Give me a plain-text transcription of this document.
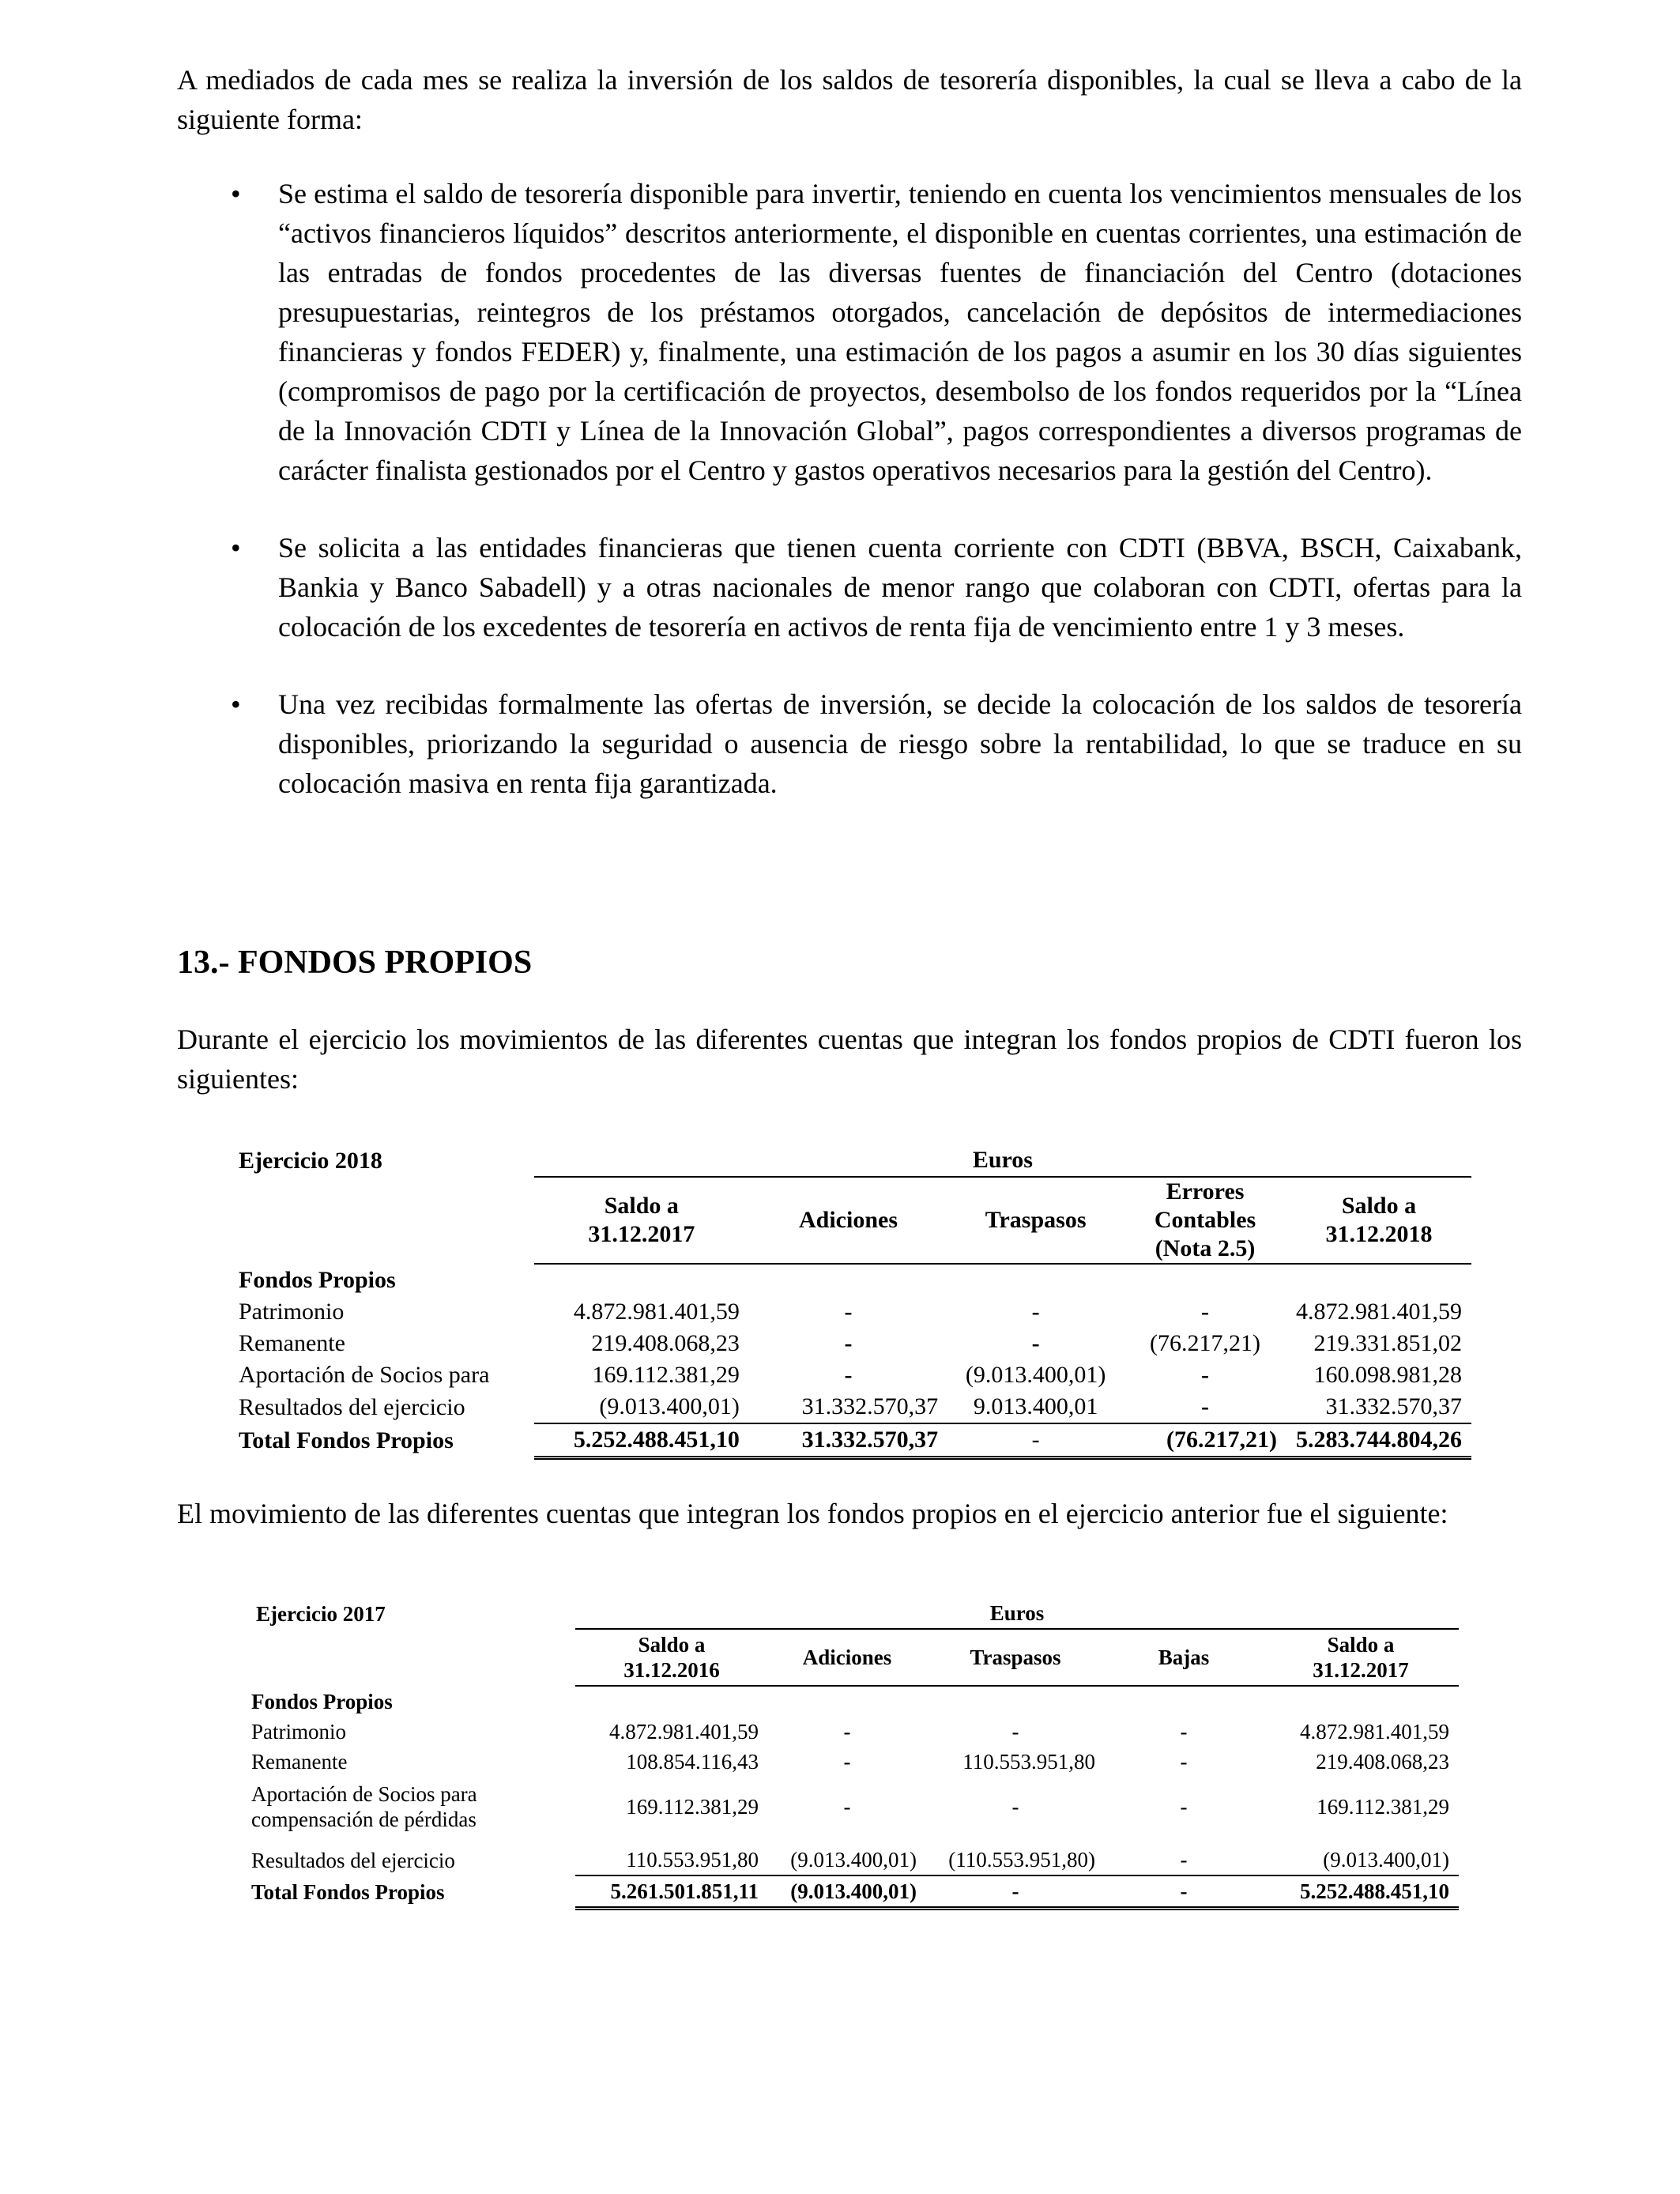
A mediados de cada mes se realiza la inversión de los saldos de tesorería disponibles, la cual se lleva a cabo de la siguiente forma:

• Se estima el saldo de tesorería disponible para invertir, teniendo en cuenta los vencimientos mensuales de los “activos financieros líquidos” descritos anteriormente, el disponible en cuentas corrientes, una estimación de las entradas de fondos procedentes de las diversas fuentes de financiación del Centro (dotaciones presupuestarias, reintegros de los préstamos otorgados, cancelación de depósitos de intermediaciones financieras y fondos FEDER) y, finalmente, una estimación de los pagos a asumir en los 30 días siguientes (compromisos de pago por la certificación de proyectos, desembolso de los fondos requeridos por la “Línea de la Innovación CDTI y Línea de la Innovación Global”, pagos correspondientes a diversos programas de carácter finalista gestionados por el Centro y gastos operativos necesarios para la gestión del Centro).
• Se solicita a las entidades financieras que tienen cuenta corriente con CDTI (BBVA, BSCH, Caixabank, Bankia y Banco Sabadell) y a otras nacionales de menor rango que colaboran con CDTI, ofertas para la colocación de los excedentes de tesorería en activos de renta fija de vencimiento entre 1 y 3 meses.
• Una vez recibidas formalmente las ofertas de inversión, se decide la colocación de los saldos de tesorería disponibles, priorizando la seguridad o ausencia de riesgo sobre la rentabilidad, lo que se traduce en su colocación masiva en renta fija garantizada.
13.- FONDOS PROPIOS

Durante el ejercicio los movimientos de las diferentes cuentas que integran los fondos propios de CDTI fueron los siguientes:

Ejercicio 2018	Euros				
	Saldo a
31.12.2017	Adiciones	Traspasos	Errores
Contables
(Nota 2.5)	Saldo a
31.12.2018
Fondos Propios					
Patrimonio	4.872.981.401,59	-	-	-	4.872.981.401,59
Remanente	219.408.068,23	-	-	(76.217,21)	219.331.851,02
Aportación de Socios para	169.112.381,29	-	(9.013.400,01)	-	160.098.981,28
Resultados del ejercicio	(9.013.400,01)	31.332.570,37	9.013.400,01	-	31.332.570,37
Total Fondos Propios	5.252.488.451,10	31.332.570,37	-	(76.217,21)	5.283.744.804,26

El movimiento de las diferentes cuentas que integran los fondos propios en el ejercicio anterior fue el siguiente:

Ejercicio 2017	Euros				
	Saldo a
31.12.2016	Adiciones	Traspasos	Bajas	Saldo a
31.12.2017
Fondos Propios					
Patrimonio	4.872.981.401,59	-	-	-	4.872.981.401,59
Remanente	108.854.116,43	-	110.553.951,80	-	219.408.068,23
Aportación de Socios para
compensación de pérdidas	169.112.381,29	-	-	-	169.112.381,29

Resultados del ejercicio	110.553.951,80	(9.013.400,01)	(110.553.951,80)	-	(9.013.400,01)
Total Fondos Propios	5.261.501.851,11	(9.013.400,01)	-	-	5.252.488.451,10
